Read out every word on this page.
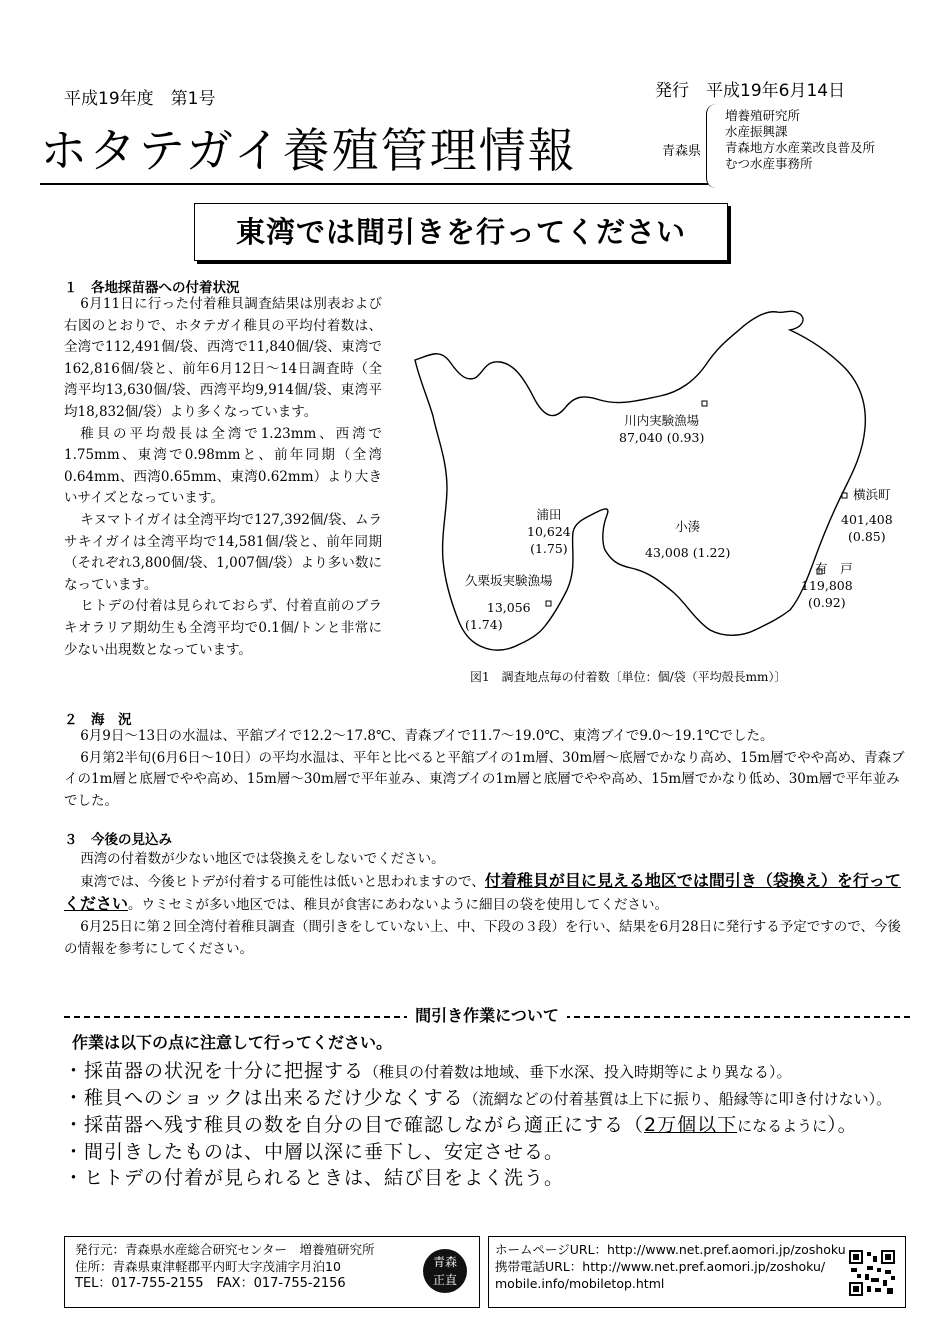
平成19年度　第1号	発行　平成19年6月14日
ホタテガイ養殖管理情報	青森県
増養殖研究所
水産振興課
青森地方水産業改良普及所
むつ水産事務所
東湾では間引きを行ってください
１　各地採苗器への付着状況

6月11日に行った付着稚貝調査結果は別表および右図のとおりで、ホタテガイ稚貝の平均付着数は、全湾で112,491個/袋、西湾で11,840個/袋、東湾で162,816個/袋と、前年6月12日～14日調査時（全湾平均13,630個/袋、西湾平均9,914個/袋、東湾平均18,832個/袋）より多くなっています。

稚貝の平均殻長は全湾で1.23mm、西湾で1.75mm、東湾で0.98mmと、前年同期（全湾0.64mm、西湾0.65mm、東湾0.62mm）より大きいサイズとなっています。

キヌマトイガイは全湾平均で127,392個/袋、ムラサキイガイは全湾平均で14,581個/袋と、前年同期（それぞれ3,800個/袋、1,007個/袋）より多い数になっています。

ヒトデの付着は見られておらず、付着直前のブラキオラリア期幼生も全湾平均で0.1個/トンと非常に少ない出現数となっています。

川内実験漁場
87,040 (0.93)
浦田
10,624
(1.75)
小湊
43,008 (1.22)
横浜町
401,408
(0.85)
有　戸
119,808
(0.92)
久栗坂実験漁場
13,056
(1.74)
図1　調査地点毎の付着数〔単位：個/袋（平均殻長mm）〕
２　海　況

6月9日～13日の水温は、平舘ブイで12.2～17.8℃、青森ブイで11.7～19.0℃、東湾ブイで9.0～19.1℃でした。

6月第2半旬(6月6日～10日）の平均水温は、平年と比べると平舘ブイの1m層、30m層～底層でかなり高め、15m層でやや高め、青森ブイの1m層と底層でやや高め、15m層～30m層で平年並み、東湾ブイの1m層と底層でやや高め、15m層でかなり低め、30m層で平年並みでした。

３　今後の見込み

西湾の付着数が少ない地区では袋換えをしないでください。

東湾では、今後ヒトデが付着する可能性は低いと思われますので、付着稚貝が目に見える地区では間引き（袋換え）を行ってください。ウミセミが多い地区では、稚貝が食害にあわないように細目の袋を使用してください。

6月25日に第２回全湾付着稚貝調査（間引きをしていない上、中、下段の３段）を行い、結果を6月28日に発行する予定ですので、今後の情報を参考にしてください。

間引き作業について
作業は以下の点に注意して行ってください。

・採苗器の状況を十分に把握する（稚貝の付着数は地域、垂下水深、投入時期等により異なる）。

・稚貝へのショックは出来るだけ少なくする（流網などの付着基質は上下に振り、船縁等に叩き付けない）。

・採苗器へ残す稚貝の数を自分の目で確認しながら適正にする（2万個以下になるように）。

・間引きしたものは、中層以深に垂下し、安定させる。

・ヒトデの付着が見られるときは、結び目をよく洗う。

発行元：青森県水産総合研究センター　増養殖研究所
住所：青森県東津軽郡平内町大字茂浦字月泊10
TEL：017-755-2155　FAX：017-755-2156
青森
正直
ホームページURL：http://www.net.pref.aomori.jp/zoshoku
携帯電話URL：http://www.net.pref.aomori.jp/zoshoku/
mobile.info/mobiletop.html
